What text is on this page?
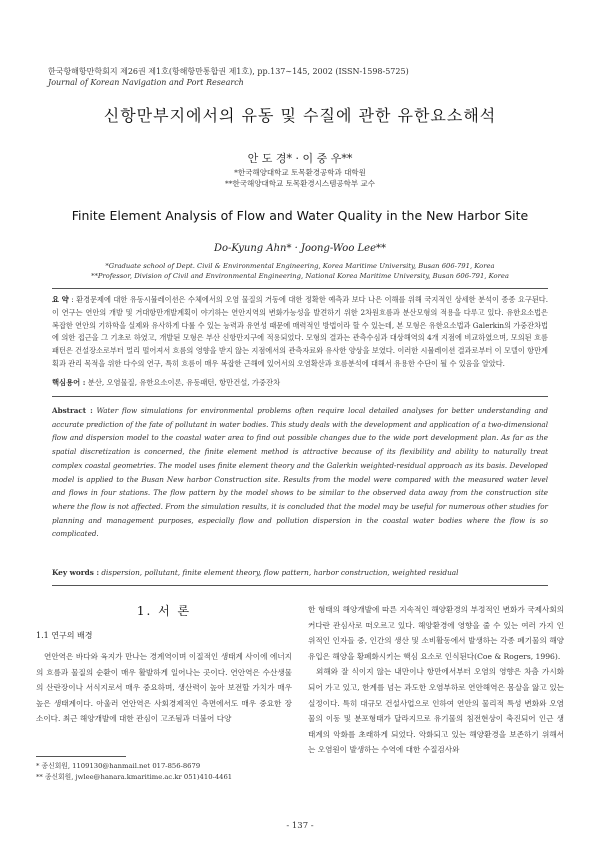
한국항해항만학회지 제26권 제1호(항해항만통합권 제1호), pp.137∼145, 2002 (ISSN-1598-5725)
Journal of Korean Navigation and Port Research
신항만부지에서의 유동 및 수질에 관한 유한요소해석
안 도 경* · 이 중 우**
*한국해양대학교 토목환경공학과 대학원
**한국해양대학교 토목환경시스템공학부 교수
Finite Element Analysis of Flow and Water Quality in the New Harbor Site
Do-Kyung Ahn* · Joong-Woo Lee**
*Graduate school of Dept. Civil & Environmental Engineering, Korea Maritime University, Busan 606-791, Korea
**Professor, Division of Civil and Environmental Engineering, National Korea Maritime University, Busan 606-791, Korea
요 약 : 환경문제에 대한 유동시뮬레이션은 수체에서의 오염 물질의 거동에 대한 정확한 예측과 보다 나은 이해를 위해 국지적인 상세한 분석이 종종 요구된다. 이 연구는 연안의 개발 및 거대항만개발계획이 야기하는 연안지역의 변화가능성을 발견하기 위한 2차원흐름과 분산모형의 적용을 다루고 있다. 유한요소법은 복잡한 연안의 기하학을 실제와 유사하게 다룰 수 있는 능력과 유연성 때문에 매력적인 방법이라 할 수 있는데, 본 모형은 유한요소법과 Galerkin의 가중잔차법에 의한 접근을 그 기초로 하였고, 개발된 모형은 부산 신항만지구에 적용되었다. 모형의 결과는 관측수심과 대상해역의 4개 지점에 비교하였으며, 모의된 흐름 패턴은 건설장소로부터 멀리 떨어져서 흐름의 영향을 받지 않는 지점에서의 관측자료와 유사한 양상을 보였다. 이러한 시뮬레이션 결과로부터 이 모델이 항만계획과 관리 목적을 위한 다수의 연구, 특히 흐름이 매우 복잡한 근해에 있어서의 오염확산과 흐름분석에 대해서 유용한 수단이 될 수 있음을 알았다.
핵심용어 : 분산, 오염물질, 유한요소이론, 유동패턴, 항만건설, 가중잔차
Abstract : Water flow simulations for environmental problems often require local detailed analyses for better understanding and accurate prediction of the fate of pollutant in water bodies. This study deals with the development and application of a two-dimensional flow and dispersion model to the coastal water area to find out possible changes due to the wide port development plan. As far as the spatial discretization is concerned, the finite element method is attractive because of its flexibility and ability to naturally treat complex coastal geometries. The model uses finite element theory and the Galerkin weighted-residual approach as its basis. Developed model is applied to the Busan New harbor Construction site. Results from the model were compared with the measured water level and flows in four stations. The flow pattern by the model shows to be similar to the observed data away from the construction site where the flow is not affected. From the simulation results, it is concluded that the model may be useful for numerous other studies for planning and management purposes, especially flow and pollution dispersion in the coastal water bodies where the flow is so complicated.
Key words : dispersion, pollutant, finite element theory, flow pattern, harbor construction, weighted residual
1. 서 론
1.1 연구의 배경

연안역은 바다와 육지가 만나는 경계역이며 이질적인 생태계 사이에 에너지의 흐름과 물질의 순환이 매우 활발하게 일어나는 곳이다. 연안역은 수산생물의 산란장이나 서식지로서 매우 중요하며, 생산력이 높아 보전할 가치가 매우 높은 생태계이다. 아울러 연안역은 사회경제적인 측면에서도 매우 중요한 장소이다. 최근 해양개발에 대한 관심이 고조됨과 더불어 다양

* 종신회원, 1109130@hanmail.net 017-856-8679
** 종신회원, jwlee@hanara.kmaritime.ac.kr 051)410-4461

한 형태의 해양개발에 따른 지속적인 해양환경의 부정적인 변화가 국제사회의 커다란 관심사로 떠오르고 있다. 해양환경에 영향을 줄 수 있는 여러 가지 인위적인 인자들 중, 인간의 생산 및 소비활동에서 발생하는 각종 폐기물의 해양유입은 해양을 황폐화시키는 핵심 요소로 인식된다(Coe & Rogers, 1996).

외해와 잘 식이지 않는 내만이나 항만에서부터 오염의 영향은 차츰 가시화되어 가고 있고, 한계를 넘는 과도한 오염부하로 연안해역은 몸살을 앓고 있는 실정이다. 특히 대규모 건설사업으로 인하여 연안의 물리적 특성 변화와 오염물의 이동 및 분포형태가 달라지므로 유기물의 침전현상이 축진되어 인근 생태계의 악화를 초래하게 되었다. 악화되고 있는 해양환경을 보존하기 위해서는 오염원이 발생하는 수역에 대한 수질검사와

- 137 -
